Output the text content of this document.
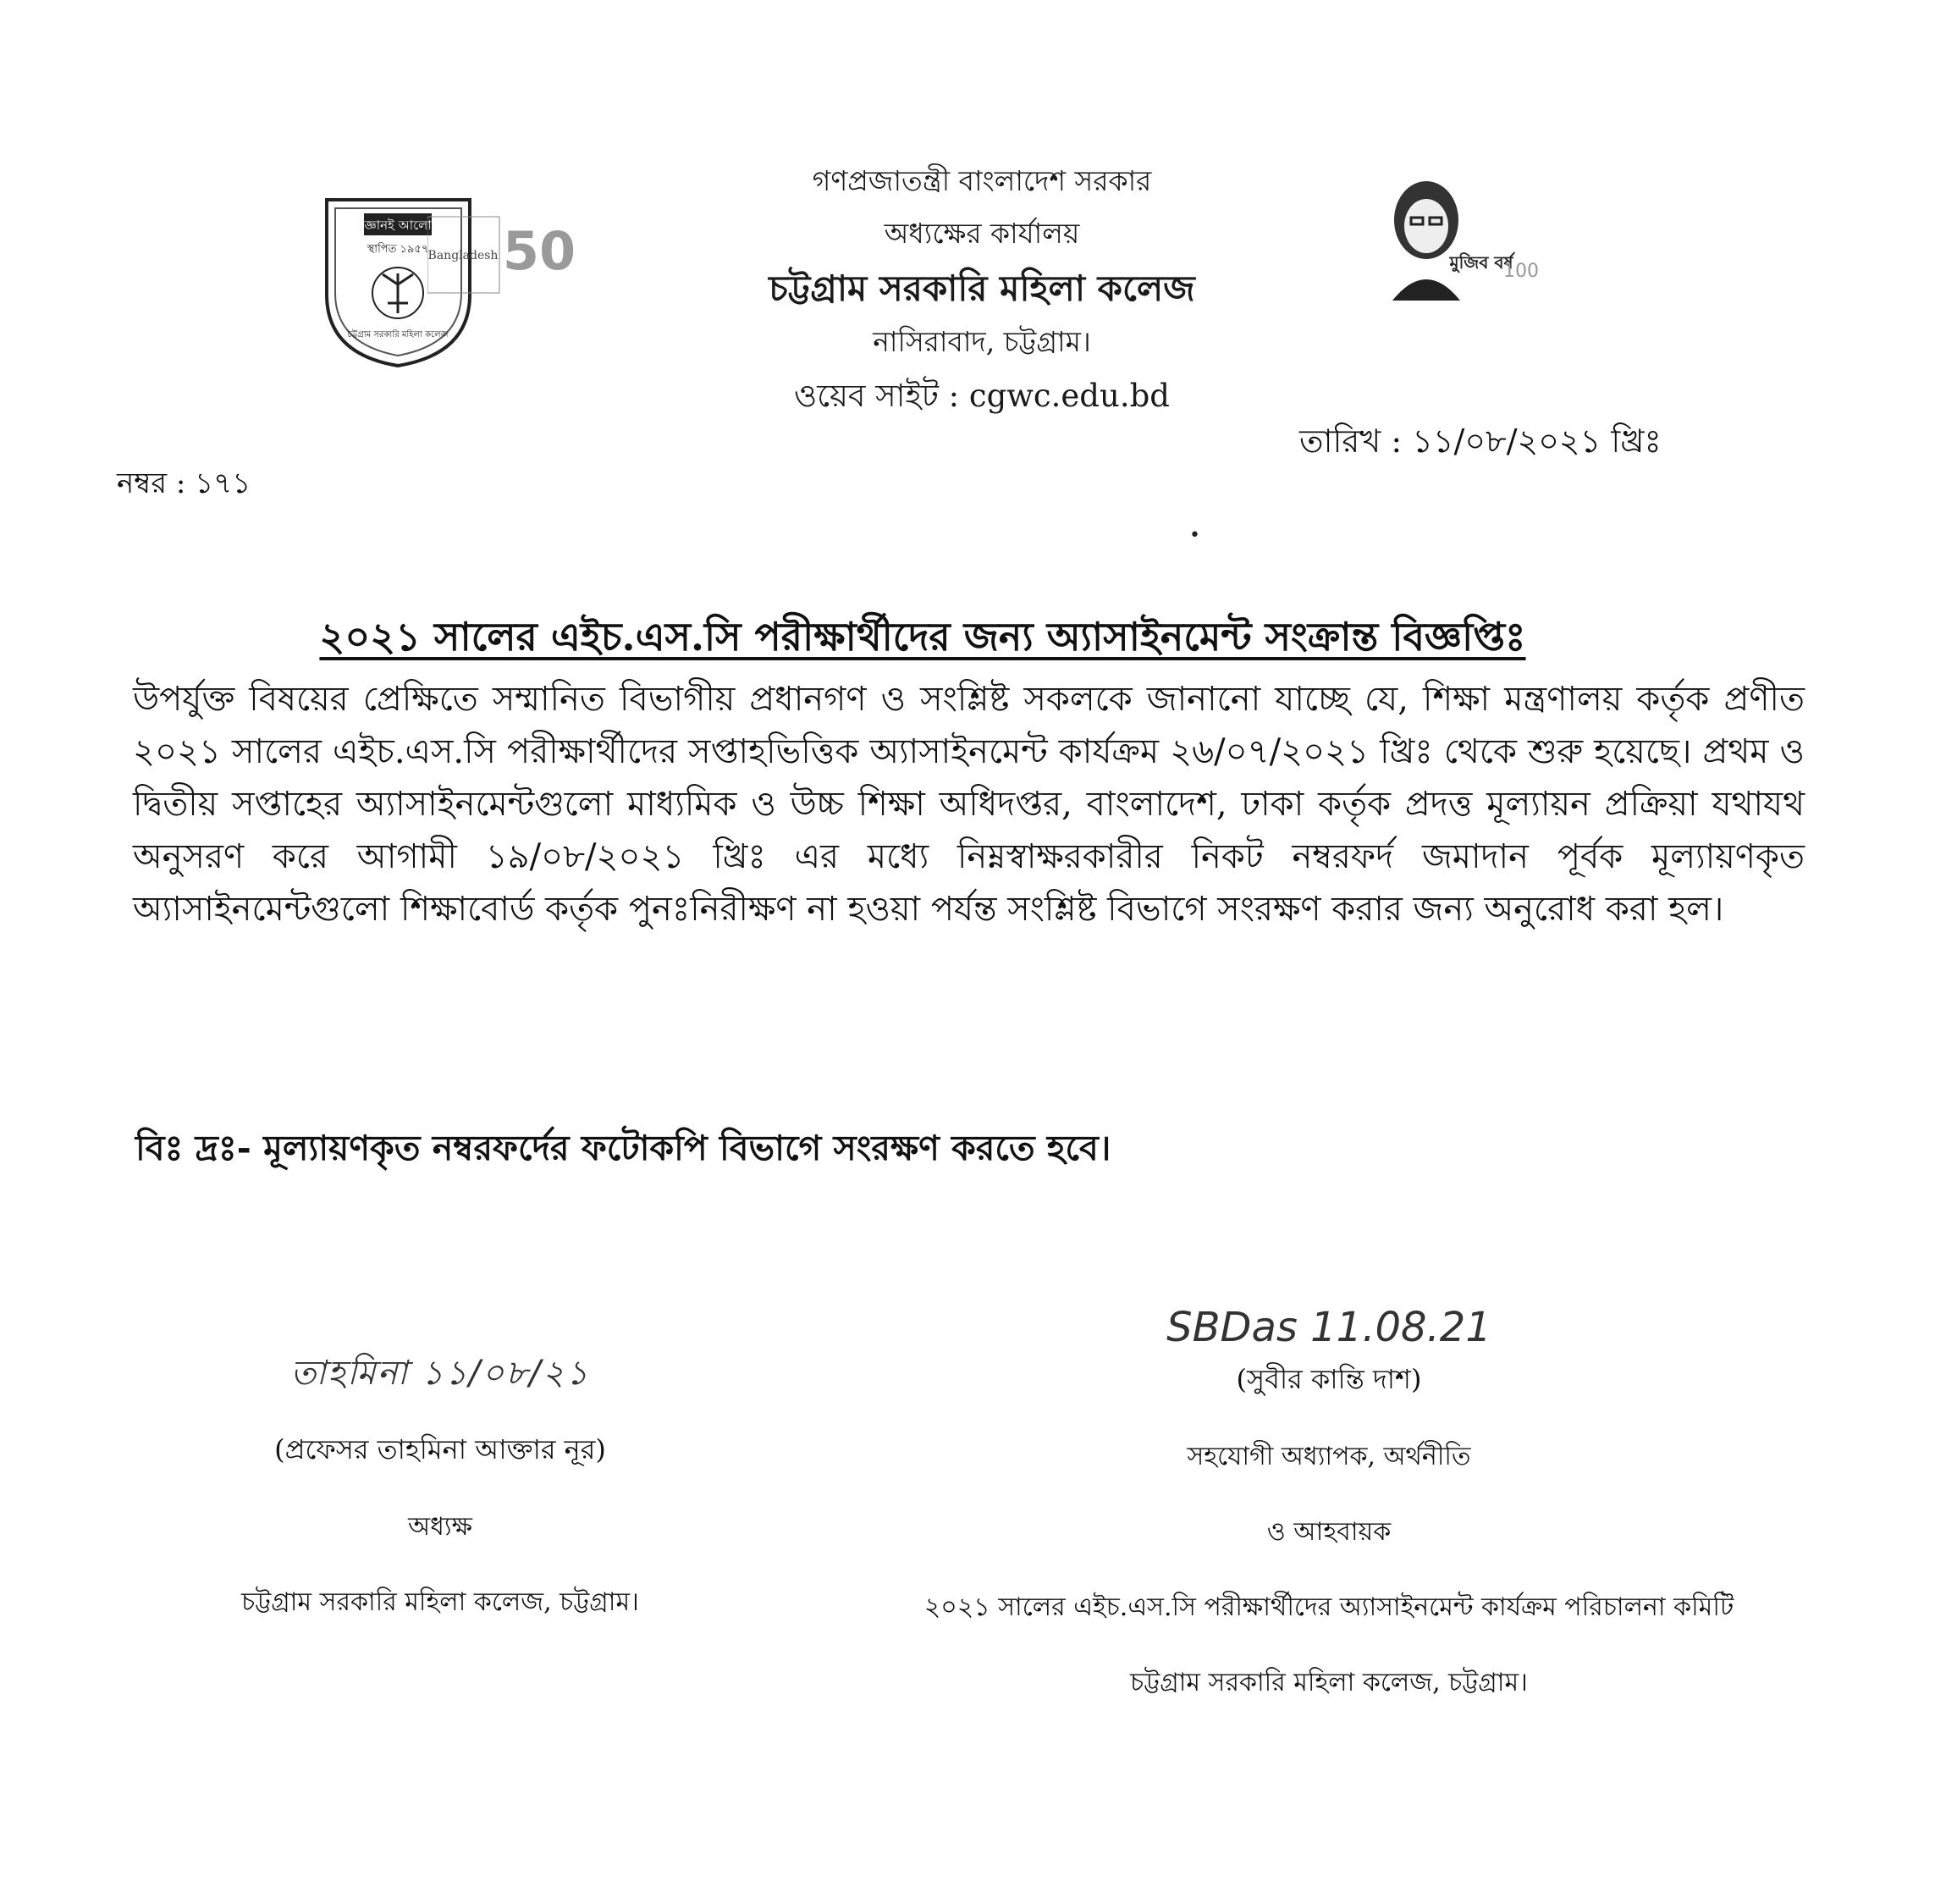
জ্ঞানই আলো
স্থাপিত ১৯৫৭
চট্টগ্রাম সরকারি মহিলা কলেজ
Bangladesh 50	মুজিব বর্ষ
100
গণপ্রজাতন্ত্রী বাংলাদেশ সরকার
অধ্যক্ষের কার্যালয়
চট্টগ্রাম সরকারি মহিলা কলেজ
নাসিরাবাদ, চট্টগ্রাম।
ওয়েব সাইট : cgwc.edu.bd
তারিখ : ১১/০৮/২০২১ খ্রিঃ
নম্বর : ১৭১
•
২০২১ সালের এইচ.এস.সি পরীক্ষার্থীদের জন্য অ্যাসাইনমেন্ট সংক্রান্ত বিজ্ঞপ্তিঃ
উপর্যুক্ত বিষয়ের প্রেক্ষিতে সম্মানিত বিভাগীয় প্রধানগণ ও সংশ্লিষ্ট সকলকে জানানো যাচ্ছে যে, শিক্ষা মন্ত্রণালয় কর্তৃক প্রণীত ২০২১ সালের এইচ.এস.সি পরীক্ষার্থীদের সপ্তাহভিত্তিক অ্যাসাইনমেন্ট কার্যক্রম ২৬/০৭/২০২১ খ্রিঃ থেকে শুরু হয়েছে। প্রথম ও দ্বিতীয় সপ্তাহের অ্যাসাইনমেন্টগুলো মাধ্যমিক ও উচ্চ শিক্ষা অধিদপ্তর, বাংলাদেশ, ঢাকা কর্তৃক প্রদত্ত মূল্যায়ন প্রক্রিয়া যথাযথ অনুসরণ করে আগামী ১৯/০৮/২০২১ খ্রিঃ এর মধ্যে নিম্নস্বাক্ষরকারীর নিকট নম্বরফর্দ জমাদান পূর্বক মূল্যায়ণকৃত অ্যাসাইনমেন্টগুলো শিক্ষাবোর্ড কর্তৃক পুনঃনিরীক্ষণ না হওয়া পর্যন্ত সংশ্লিষ্ট বিভাগে সংরক্ষণ করার জন্য অনুরোধ করা হল।
বিঃ দ্রঃ- মূল্যায়ণকৃত নম্বরফর্দের ফটোকপি বিভাগে সংরক্ষণ করতে হবে।
তাহমিনা ১১/০৮/২১
(প্রফেসর তাহমিনা আক্তার নূর)
অধ্যক্ষ
চট্টগ্রাম সরকারি মহিলা কলেজ, চট্টগ্রাম।
SBDas 11.08.21
(সুবীর কান্তি দাশ)
সহযোগী অধ্যাপক, অর্থনীতি
ও আহবায়ক
২০২১ সালের এইচ.এস.সি পরীক্ষার্থীদের অ্যাসাইনমেন্ট কার্যক্রম পরিচালনা কমিটি
চট্টগ্রাম সরকারি মহিলা কলেজ, চট্টগ্রাম।
